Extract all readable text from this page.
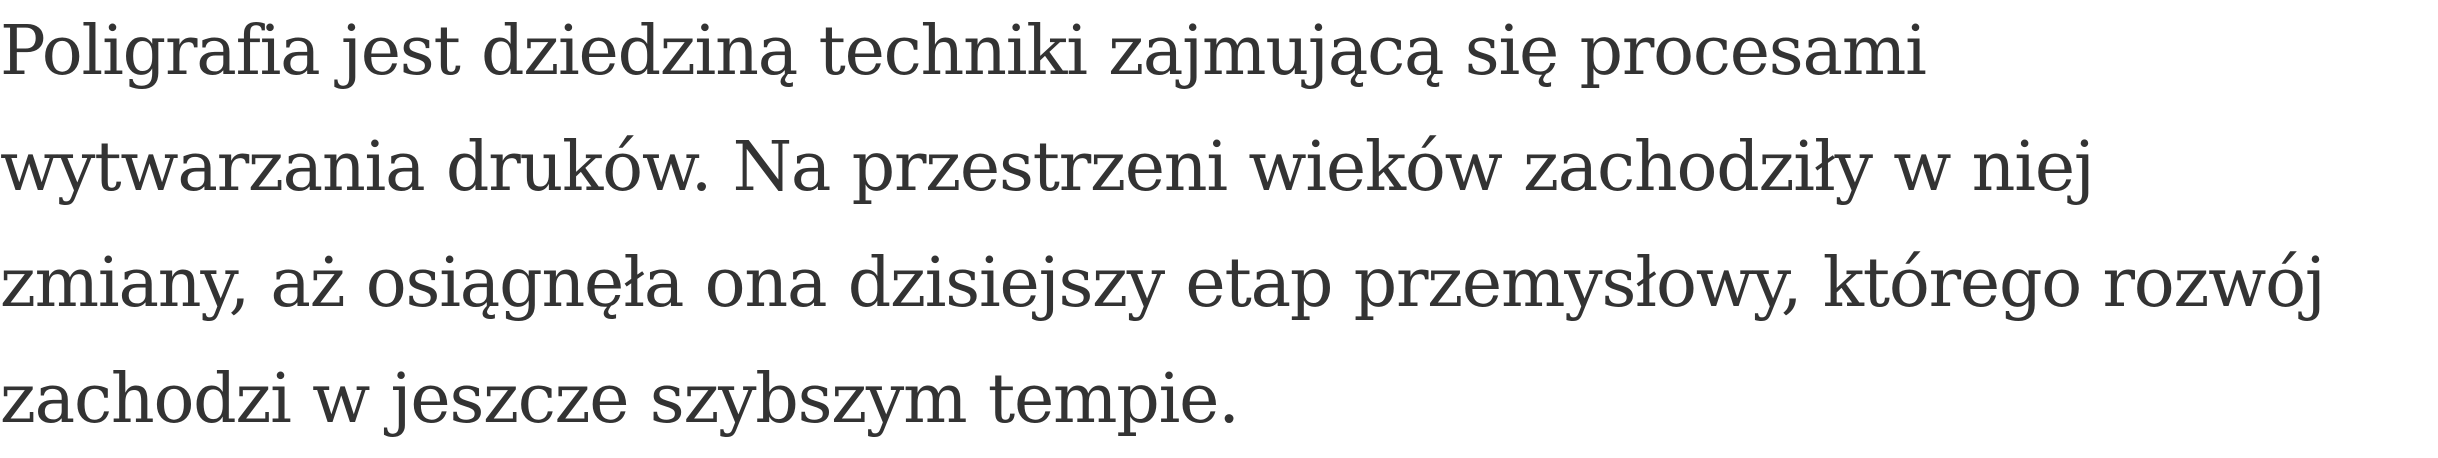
Poligrafia jest dziedziną techniki zajmującą się procesami
wytwarzania druków. Na przestrzeni wieków zachodziły w niej
zmiany, aż osiągnęła ona dzisiejszy etap przemysłowy, którego rozwój
zachodzi w jeszcze szybszym tempie.
